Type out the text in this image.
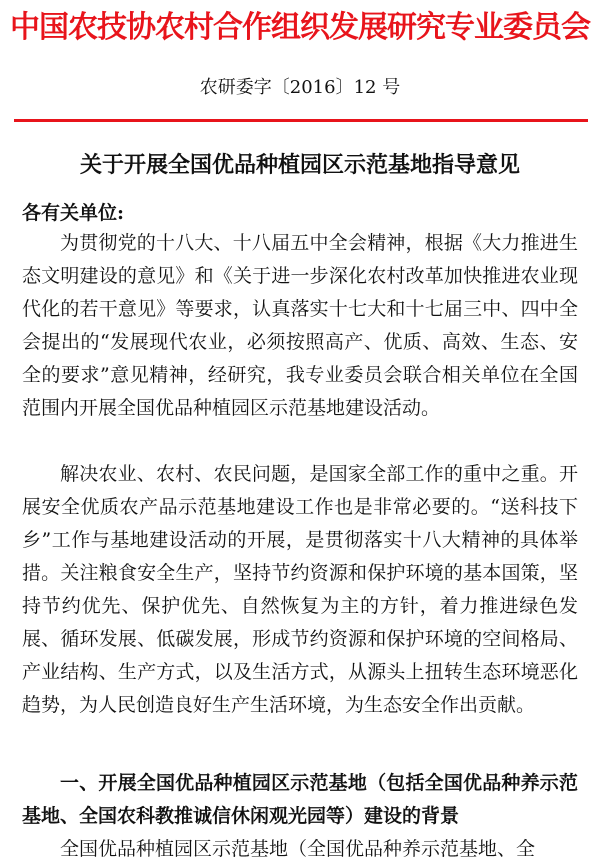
中国农技协农村合作组织发展研究专业委员会
农研委字〔2016〕12 号
关于开展全国优品种植园区示范基地指导意见
各有关单位:
为贯彻党的十八大、十八届五中全会精神，根据《大力推进生态文明建设的意见》和《关于进一步深化农村改革加快推进农业现代化的若干意见》等要求，认真落实十七大和十七届三中、四中全会提出的“发展现代农业，必须按照高产、优质、高效、生态、安全的要求”意见精神，经研究，我专业委员会联合相关单位在全国范围内开展全国优品种植园区示范基地建设活动。
解决农业、农村、农民问题，是国家全部工作的重中之重。开展安全优质农产品示范基地建设工作也是非常必要的。“送科技下乡”工作与基地建设活动的开展，是贯彻落实十八大精神的具体举措。关注粮食安全生产，坚持节约资源和保护环境的基本国策，坚持节约优先、保护优先、自然恢复为主的方针，着力推进绿色发展、循环发展、低碳发展，形成节约资源和保护环境的空间格局、产业结构、生产方式，以及生活方式，从源头上扭转生态环境恶化趋势，为人民创造良好生产生活环境，为生态安全作出贡献。
一、开展全国优品种植园区示范基地（包括全国优品种养示范基地、全国农科教推诚信休闲观光园等）建设的背景
全国优品种植园区示范基地（全国优品种养示范基地、全
